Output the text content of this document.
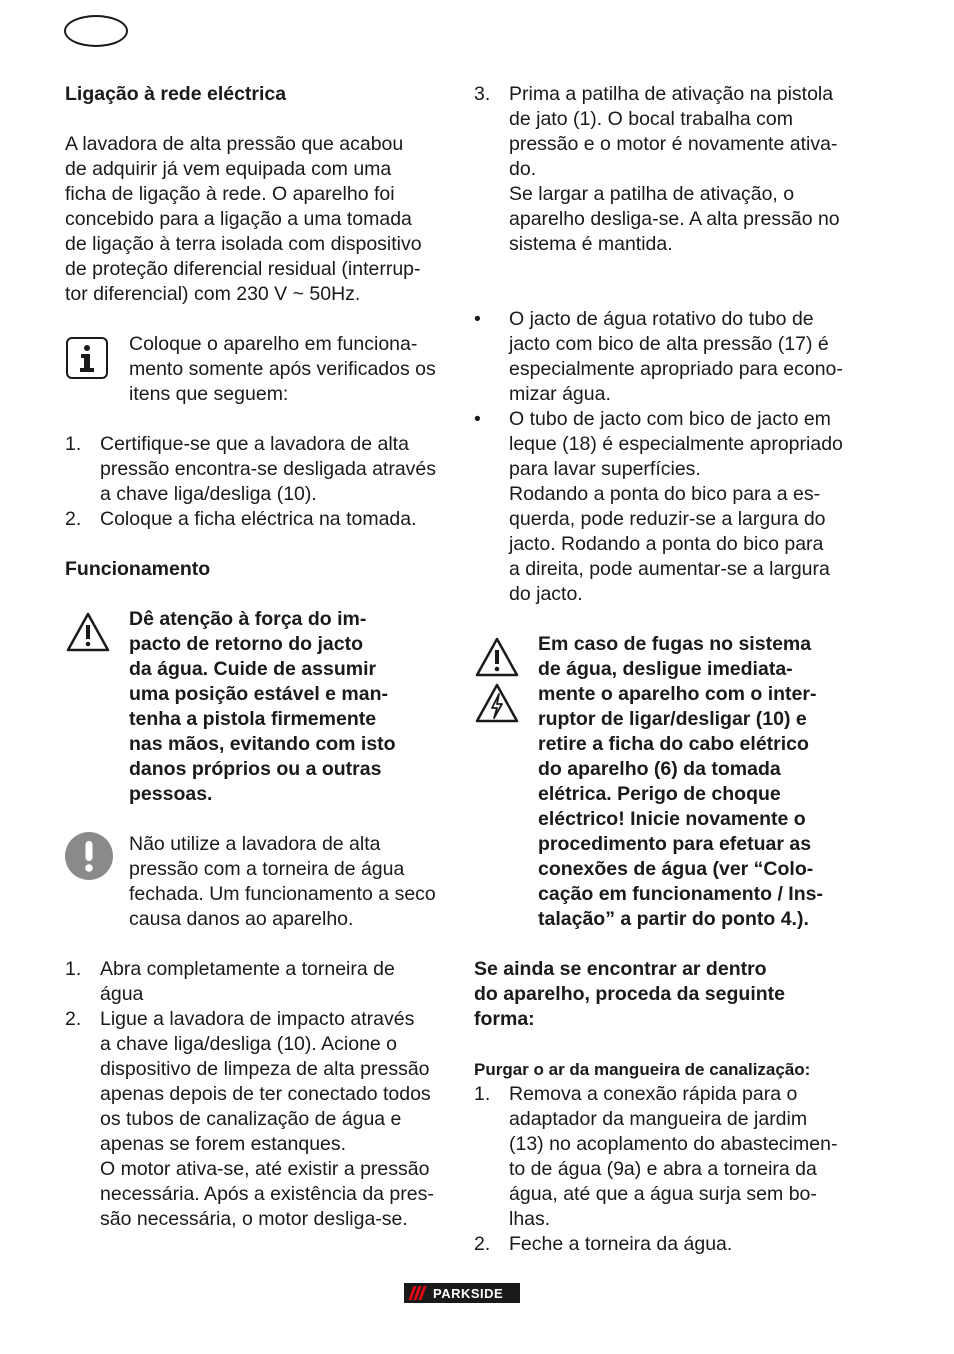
Ligação à rede eléctrica

A lavadora de alta pressão que acabou

de adquirir já vem equipada com uma

ficha de ligação à rede. O aparelho foi

concebido para a ligação a uma tomada

de ligação à terra isolada com dispositivo

de proteção diferencial residual (interrup-

tor diferencial) com 230 V ~ 50Hz.

Coloque o aparelho em funciona-

mento somente após verificados os

itens que seguem:

1. Certifique-se que a lavadora de alta

pressão encontra-se desligada através

a chave liga/desliga (10).

2. Coloque a ficha eléctrica na tomada.

Funcionamento

Dê atenção à força do im-

pacto de retorno do jacto

da água. Cuide de assumir

uma posição estável e man-

tenha a pistola firmemente

nas mãos, evitando com isto

danos próprios ou a outras

pessoas.

Não utilize a lavadora de alta

pressão com a torneira de água

fechada. Um funcionamento a seco

causa danos ao aparelho.

1. Abra completamente a torneira de

água

2. Ligue a lavadora de impacto através

a chave liga/desliga (10). Acione o

dispositivo de limpeza de alta pressão

apenas depois de ter conectado todos

os tubos de canalização de água e

apenas se forem estanques.

O motor ativa-se, até existir a pressão

necessária. Após a existência da pres-

são necessária, o motor desliga-se.

3. Prima a patilha de ativação na pistola

de jato (1). O bocal trabalha com

pressão e o motor é novamente ativa-

do.

Se largar a patilha de ativação, o

aparelho desliga-se. A alta pressão no

sistema é mantida.

• O jacto de água rotativo do tubo de

jacto com bico de alta pressão (17) é

especialmente apropriado para econo-

mizar água.

• O tubo de jacto com bico de jacto em

leque (18) é especialmente apropriado

para lavar superfícies.

Rodando a ponta do bico para a es-

querda, pode reduzir-se a largura do

jacto. Rodando a ponta do bico para

a direita, pode aumentar-se a largura

do jacto.

Em caso de fugas no sistema

de água, desligue imediata-

mente o aparelho com o inter-

ruptor de ligar/desligar (10) e

retire a ficha do cabo elétrico

do aparelho (6) da tomada

elétrica. Perigo de choque

eléctrico! Inicie novamente o

procedimento para efetuar as

conexões de água (ver “Colo-

cação em funcionamento / Ins-

talação” a partir do ponto 4.).

Se ainda se encontrar ar dentro

do aparelho, proceda da seguinte

forma:

Purgar o ar da mangueira de canalização:

1. Remova a conexão rápida para o

adaptador da mangueira de jardim

(13) no acoplamento do abastecimen-

to de água (9a) e abra a torneira da

água, até que a água surja sem bo-

lhas.

2. Feche a torneira da água.

PARKSIDE
